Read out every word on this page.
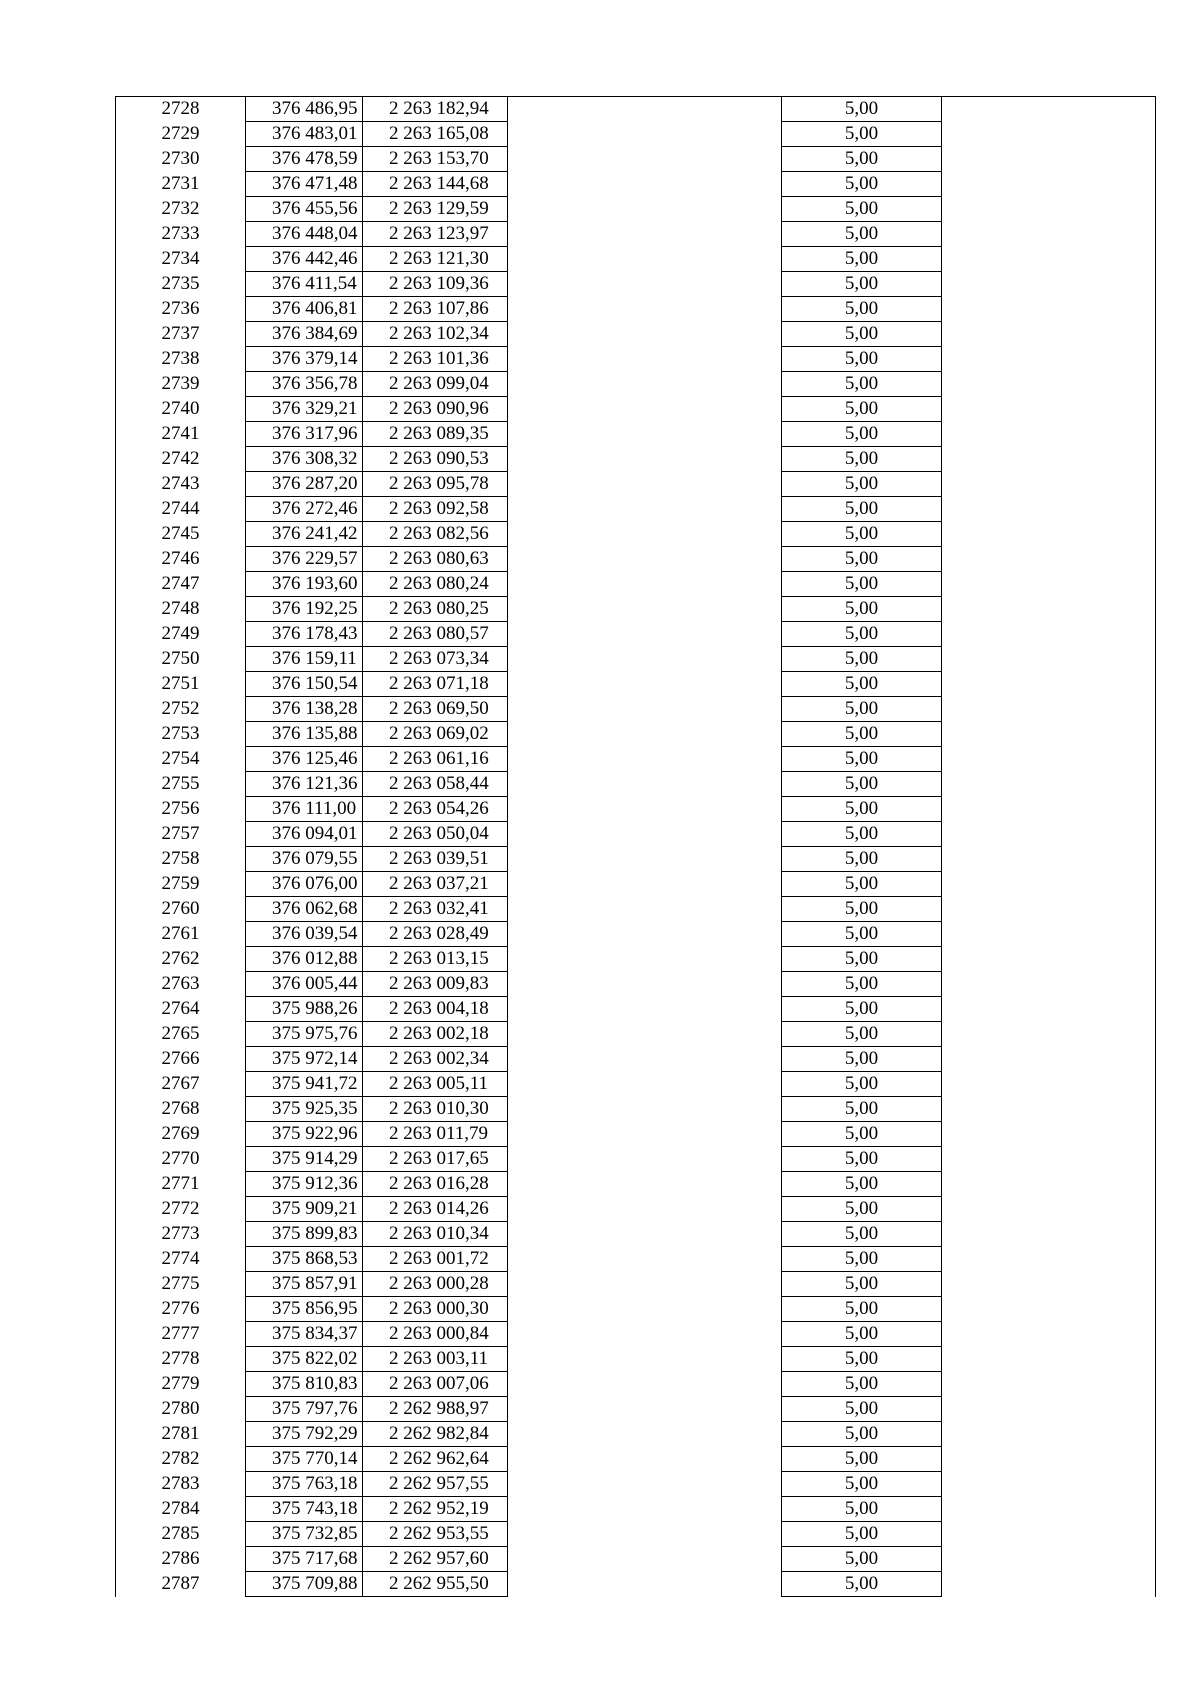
2728	376 486,95	2 263 182,94		5,00	
2729	376 483,01	2 263 165,08		5,00	
2730	376 478,59	2 263 153,70		5,00	
2731	376 471,48	2 263 144,68		5,00	
2732	376 455,56	2 263 129,59		5,00	
2733	376 448,04	2 263 123,97		5,00	
2734	376 442,46	2 263 121,30		5,00	
2735	376 411,54	2 263 109,36		5,00	
2736	376 406,81	2 263 107,86		5,00	
2737	376 384,69	2 263 102,34		5,00	
2738	376 379,14	2 263 101,36		5,00	
2739	376 356,78	2 263 099,04		5,00	
2740	376 329,21	2 263 090,96		5,00	
2741	376 317,96	2 263 089,35		5,00	
2742	376 308,32	2 263 090,53		5,00	
2743	376 287,20	2 263 095,78		5,00	
2744	376 272,46	2 263 092,58		5,00	
2745	376 241,42	2 263 082,56		5,00	
2746	376 229,57	2 263 080,63		5,00	
2747	376 193,60	2 263 080,24		5,00	
2748	376 192,25	2 263 080,25		5,00	
2749	376 178,43	2 263 080,57		5,00	
2750	376 159,11	2 263 073,34		5,00	
2751	376 150,54	2 263 071,18		5,00	
2752	376 138,28	2 263 069,50		5,00	
2753	376 135,88	2 263 069,02		5,00	
2754	376 125,46	2 263 061,16		5,00	
2755	376 121,36	2 263 058,44		5,00	
2756	376 111,00	2 263 054,26		5,00	
2757	376 094,01	2 263 050,04		5,00	
2758	376 079,55	2 263 039,51		5,00	
2759	376 076,00	2 263 037,21		5,00	
2760	376 062,68	2 263 032,41		5,00	
2761	376 039,54	2 263 028,49		5,00	
2762	376 012,88	2 263 013,15		5,00	
2763	376 005,44	2 263 009,83		5,00	
2764	375 988,26	2 263 004,18		5,00	
2765	375 975,76	2 263 002,18		5,00	
2766	375 972,14	2 263 002,34		5,00	
2767	375 941,72	2 263 005,11		5,00	
2768	375 925,35	2 263 010,30		5,00	
2769	375 922,96	2 263 011,79		5,00	
2770	375 914,29	2 263 017,65		5,00	
2771	375 912,36	2 263 016,28		5,00	
2772	375 909,21	2 263 014,26		5,00	
2773	375 899,83	2 263 010,34		5,00	
2774	375 868,53	2 263 001,72		5,00	
2775	375 857,91	2 263 000,28		5,00	
2776	375 856,95	2 263 000,30		5,00	
2777	375 834,37	2 263 000,84		5,00	
2778	375 822,02	2 263 003,11		5,00	
2779	375 810,83	2 263 007,06		5,00	
2780	375 797,76	2 262 988,97		5,00	
2781	375 792,29	2 262 982,84		5,00	
2782	375 770,14	2 262 962,64		5,00	
2783	375 763,18	2 262 957,55		5,00	
2784	375 743,18	2 262 952,19		5,00	
2785	375 732,85	2 262 953,55		5,00	
2786	375 717,68	2 262 957,60		5,00	
2787	375 709,88	2 262 955,50		5,00	
